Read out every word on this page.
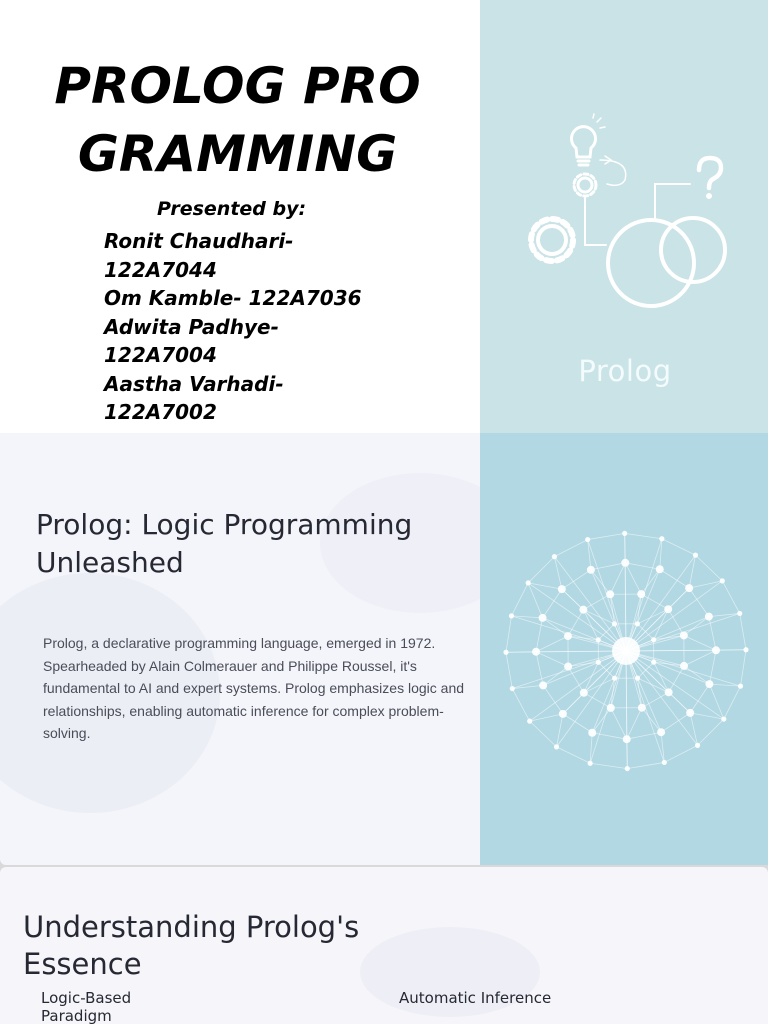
PROLOG PROGRAMMING
Presented by:
Ronit Chaudhari- 122A7044
Om Kamble- 122A7036
Adwita Padhye- 122A7004
Aastha Varhadi- 122A7002
Prolog
Prolog: Logic Programming Unleashed

Prolog, a declarative programming language, emerged in 1972. Spearheaded by Alain Colmerauer and Philippe Roussel, it's fundamental to AI and expert systems. Prolog emphasizes logic and relationships, enabling automatic inference for complex problem-solving.

Understanding Prolog's Essence
Logic-Based Paradigm
Automatic Inference
